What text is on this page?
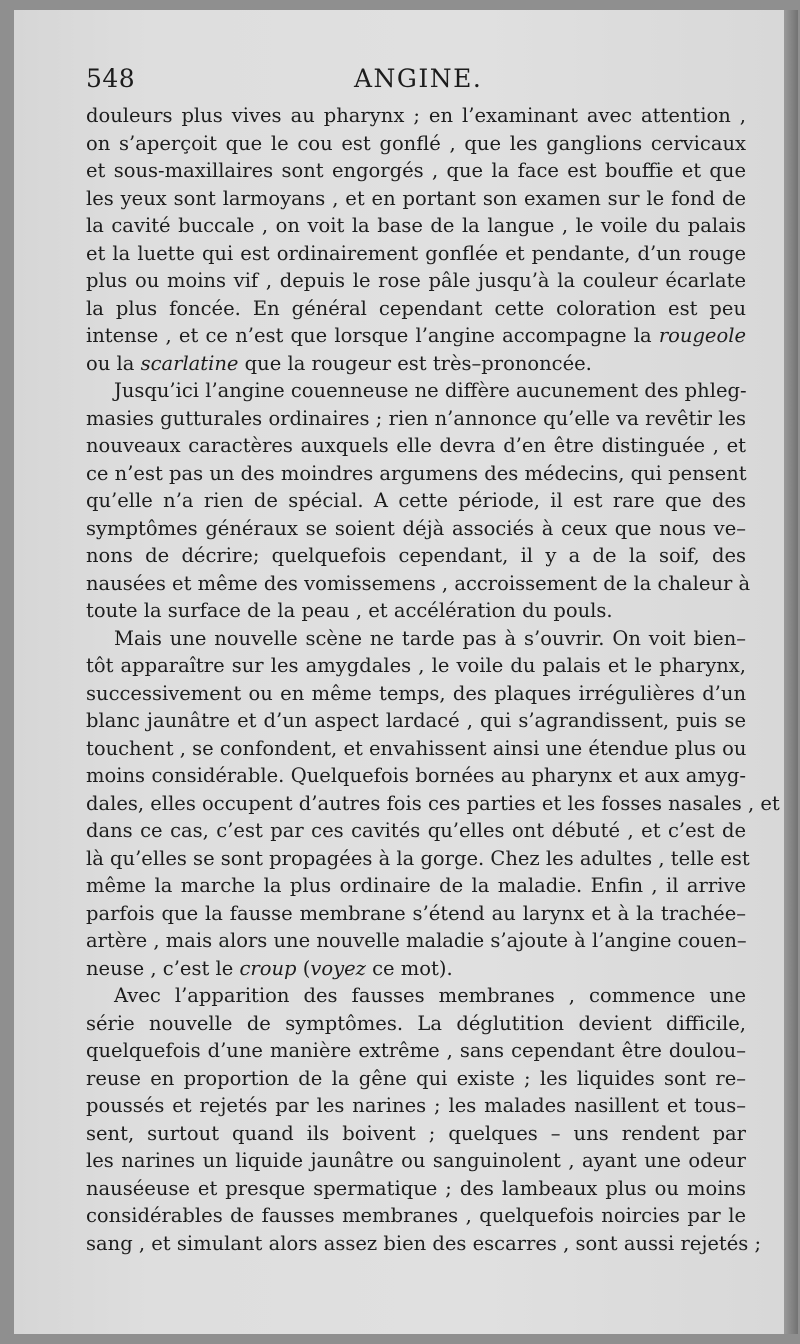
548	ANGINE.
douleurs plus vives au pharynx ; en l’examinant avec attention ,
on s’aperçoit que le cou est gonflé , que les ganglions cervicaux
et sous-maxillaires sont engorgés , que la face est bouffie et que
les yeux sont larmoyans , et en portant son examen sur le fond de
la cavité buccale , on voit la base de la langue , le voile du palais
et la luette qui est ordinairement gonflée et pendante, d’un rouge
plus ou moins vif , depuis le rose pâle jusqu’à la couleur écarlate
la plus foncée. En général cependant cette coloration est peu
intense , et ce n’est que lorsque l’angine accompagne la rougeole
ou la scarlatine que la rougeur est très–prononcée.
Jusqu’ici l’angine couenneuse ne diffère aucunement des phleg-
masies gutturales ordinaires ; rien n’annonce qu’elle va revêtir les
nouveaux caractères auxquels elle devra d’en être distinguée , et
ce n’est pas un des moindres argumens des médecins, qui pensent
qu’elle n’a rien de spécial. A cette période, il est rare que des
symptômes généraux se soient déjà associés à ceux que nous ve–
nons de décrire; quelquefois cependant, il y a de la soif, des
nausées et même des vomissemens , accroissement de la chaleur à
toute la surface de la peau , et accélération du pouls.
Mais une nouvelle scène ne tarde pas à s’ouvrir. On voit bien–
tôt apparaître sur les amygdales , le voile du palais et le pharynx,
successivement ou en même temps, des plaques irrégulières d’un
blanc jaunâtre et d’un aspect lardacé , qui s’agrandissent, puis se
touchent , se confondent, et envahissent ainsi une étendue plus ou
moins considérable. Quelquefois bornées au pharynx et aux amyg-
dales, elles occupent d’autres fois ces parties et les fosses nasales , et
dans ce cas, c’est par ces cavités qu’elles ont débuté , et c’est de
là qu’elles se sont propagées à la gorge. Chez les adultes , telle est
même la marche la plus ordinaire de la maladie. Enfin , il arrive
parfois que la fausse membrane s’étend au larynx et à la trachée–
artère , mais alors une nouvelle maladie s’ajoute à l’angine couen–
neuse , c’est le croup (voyez ce mot).
Avec l’apparition des fausses membranes , commence une
série nouvelle de symptômes. La déglutition devient difficile,
quelquefois d’une manière extrême , sans cependant être doulou–
reuse en proportion de la gêne qui existe ; les liquides sont re–
poussés et rejetés par les narines ; les malades nasillent et tous–
sent, surtout quand ils boivent ; quelques – uns rendent par
les narines un liquide jaunâtre ou sanguinolent , ayant une odeur
nauséeuse et presque spermatique ; des lambeaux plus ou moins
considérables de fausses membranes , quelquefois noircies par le
sang , et simulant alors assez bien des escarres , sont aussi rejetés ;
